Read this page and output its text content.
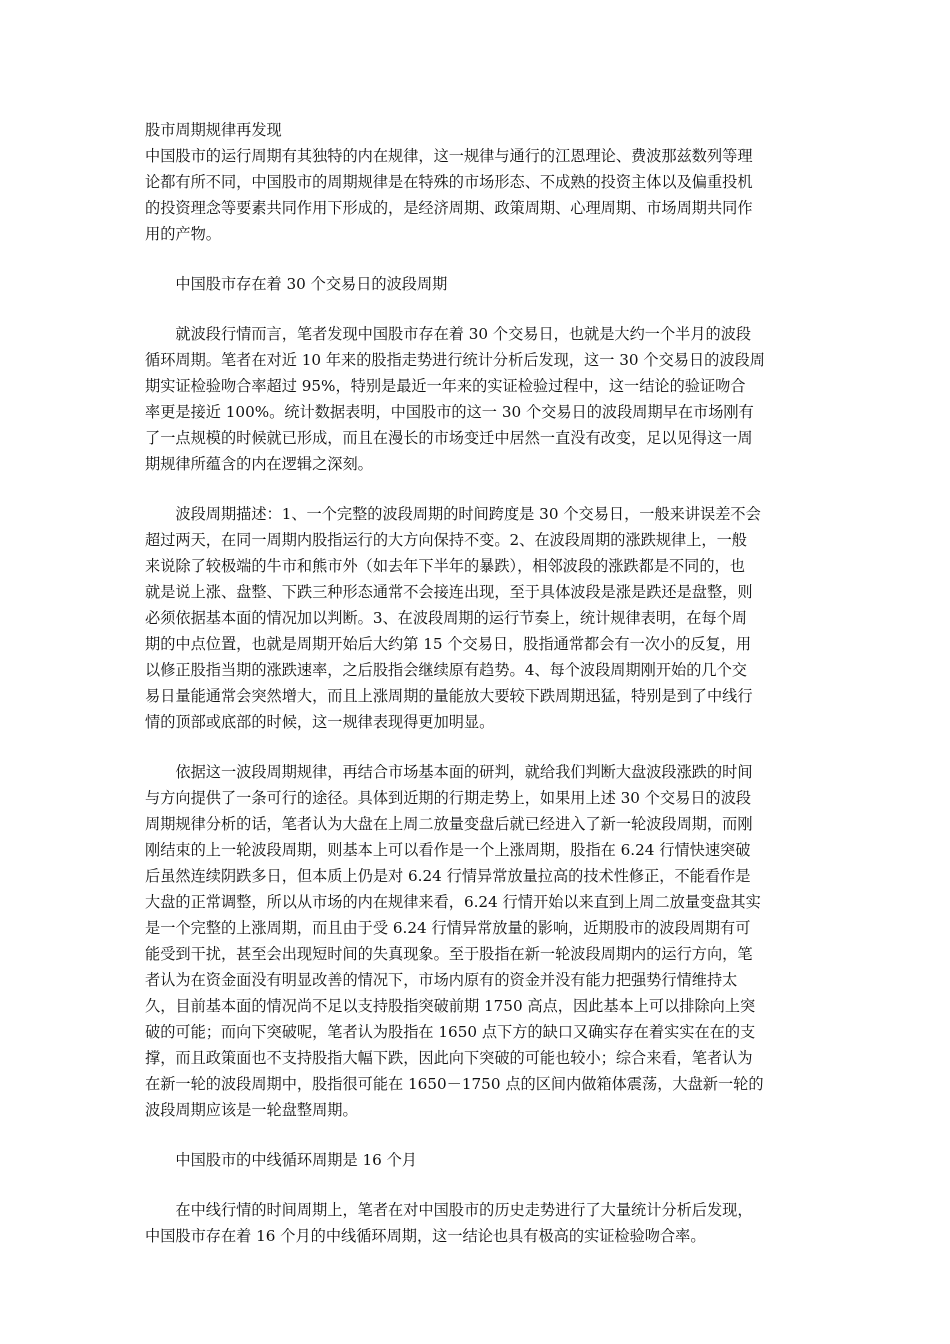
股市周期规律再发现
中国股市的运行周期有其独特的内在规律，这一规律与通行的江恩理论、费波那兹数列等理
论都有所不同，中国股市的周期规律是在特殊的市场形态、不成熟的投资主体以及偏重投机
的投资理念等要素共同作用下形成的，是经济周期、政策周期、心理周期、市场周期共同作
用的产物。
　　中国股市存在着 30 个交易日的波段周期
　　就波段行情而言，笔者发现中国股市存在着 30 个交易日，也就是大约一个半月的波段
循环周期。笔者在对近 10 年来的股指走势进行统计分析后发现，这一 30 个交易日的波段周
期实证检验吻合率超过 95%，特别是最近一年来的实证检验过程中，这一结论的验证吻合
率更是接近 100%。统计数据表明，中国股市的这一 30 个交易日的波段周期早在市场刚有
了一点规模的时候就已形成，而且在漫长的市场变迁中居然一直没有改变，足以见得这一周
期规律所蕴含的内在逻辑之深刻。
　　波段周期描述：1、一个完整的波段周期的时间跨度是 30 个交易日，一般来讲误差不会
超过两天，在同一周期内股指运行的大方向保持不变。2、在波段周期的涨跌规律上，一般
来说除了较极端的牛市和熊市外（如去年下半年的暴跌），相邻波段的涨跌都是不同的，也
就是说上涨、盘整、下跌三种形态通常不会接连出现，至于具体波段是涨是跌还是盘整，则
必须依据基本面的情况加以判断。3、在波段周期的运行节奏上，统计规律表明，在每个周
期的中点位置，也就是周期开始后大约第 15 个交易日，股指通常都会有一次小的反复，用
以修正股指当期的涨跌速率，之后股指会继续原有趋势。4、每个波段周期刚开始的几个交
易日量能通常会突然增大，而且上涨周期的量能放大要较下跌周期迅猛，特别是到了中线行
情的顶部或底部的时候，这一规律表现得更加明显。
　　依据这一波段周期规律，再结合市场基本面的研判，就给我们判断大盘波段涨跌的时间
与方向提供了一条可行的途径。具体到近期的行期走势上，如果用上述 30 个交易日的波段
周期规律分析的话，笔者认为大盘在上周二放量变盘后就已经进入了新一轮波段周期，而刚
刚结束的上一轮波段周期，则基本上可以看作是一个上涨周期，股指在 6.24 行情快速突破
后虽然连续阴跌多日，但本质上仍是对 6.24 行情异常放量拉高的技术性修正，不能看作是
大盘的正常调整，所以从市场的内在规律来看，6.24 行情开始以来直到上周二放量变盘其实
是一个完整的上涨周期，而且由于受 6.24 行情异常放量的影响，近期股市的波段周期有可
能受到干扰，甚至会出现短时间的失真现象。至于股指在新一轮波段周期内的运行方向，笔
者认为在资金面没有明显改善的情况下，市场内原有的资金并没有能力把强势行情维持太
久，目前基本面的情况尚不足以支持股指突破前期 1750 高点，因此基本上可以排除向上突
破的可能；而向下突破呢，笔者认为股指在 1650 点下方的缺口又确实存在着实实在在的支
撑，而且政策面也不支持股指大幅下跌，因此向下突破的可能也较小；综合来看，笔者认为
在新一轮的波段周期中，股指很可能在 1650－1750 点的区间内做箱体震荡，大盘新一轮的
波段周期应该是一轮盘整周期。
　　中国股市的中线循环周期是 16 个月
　　在中线行情的时间周期上，笔者在对中国股市的历史走势进行了大量统计分析后发现，
中国股市存在着 16 个月的中线循环周期，这一结论也具有极高的实证检验吻合率。
